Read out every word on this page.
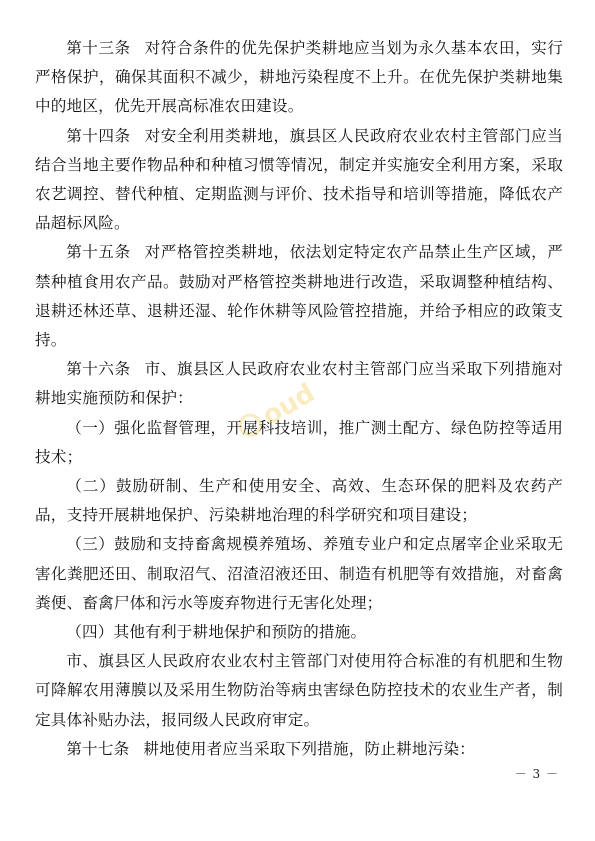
第十三条 对符合条件的优先保护类耕地应当划为永久基本农田，实行严格保护，确保其面积不减少，耕地污染程度不上升。在优先保护类耕地集中的地区，优先开展高标准农田建设。

第十四条 对安全利用类耕地，旗县区人民政府农业农村主管部门应当结合当地主要作物品种和种植习惯等情况，制定并实施安全利用方案，采取农艺调控、替代种植、定期监测与评价、技术指导和培训等措施，降低农产品超标风险。

第十五条 对严格管控类耕地，依法划定特定农产品禁止生产区域，严禁种植食用农产品。鼓励对严格管控类耕地进行改造，采取调整种植结构、退耕还林还草、退耕还湿、轮作休耕等风险管控措施，并给予相应的政策支持。

第十六条 市、旗县区人民政府农业农村主管部门应当采取下列措施对耕地实施预防和保护：

（一）强化监督管理，开展科技培训，推广测土配方、绿色防控等适用技术；

（二）鼓励研制、生产和使用安全、高效、生态环保的肥料及农药产品，支持开展耕地保护、污染耕地治理的科学研究和项目建设；

（三）鼓励和支持畜禽规模养殖场、养殖专业户和定点屠宰企业采取无害化粪肥还田、制取沼气、沼渣沼液还田、制造有机肥等有效措施，对畜禽粪便、畜禽尸体和污水等废弃物进行无害化处理；

（四）其他有利于耕地保护和预防的措施。

市、旗县区人民政府农业农村主管部门对使用符合标准的有机肥和生物可降解农用薄膜以及采用生物防治等病虫害绿色防控技术的农业生产者，制定具体补贴办法，报同级人民政府审定。

第十七条 耕地使用者应当采取下列措施，防止耕地污染：

oud
－ 3 －
